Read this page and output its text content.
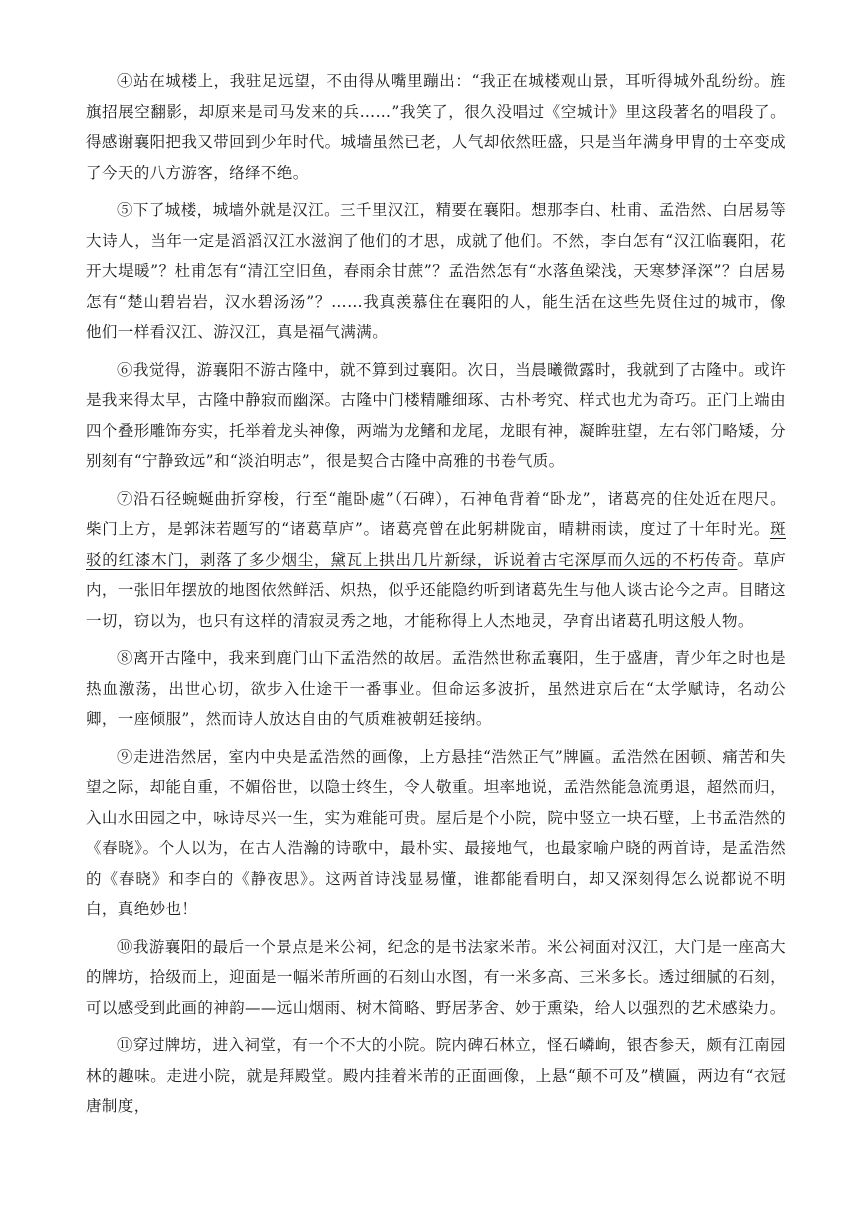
④站在城楼上，我驻足远望，不由得从嘴里蹦出：“我正在城楼观山景，耳听得城外乱纷纷。旌旗招展空翻影，却原来是司马发来的兵……”我笑了，很久没唱过《空城计》里这段著名的唱段了。得感谢襄阳把我又带回到少年时代。城墙虽然已老，人气却依然旺盛，只是当年满身甲胄的士卒变成了今天的八方游客，络绎不绝。

⑤下了城楼，城墙外就是汉江。三千里汉江，精要在襄阳。想那李白、杜甫、孟浩然、白居易等大诗人，当年一定是滔滔汉江水滋润了他们的才思，成就了他们。不然，李白怎有“汉江临襄阳，花开大堤暖”？杜甫怎有“清江空旧鱼，春雨余甘蔗”？孟浩然怎有“水落鱼梁浅，天寒梦泽深”？白居易怎有“楚山碧岩岩，汉水碧汤汤”？……我真羡慕住在襄阳的人，能生活在这些先贤住过的城市，像他们一样看汉江、游汉江，真是福气满满。

⑥我觉得，游襄阳不游古隆中，就不算到过襄阳。次日，当晨曦微露时，我就到了古隆中。或许是我来得太早，古隆中静寂而幽深。古隆中门楼精雕细琢、古朴考究、样式也尤为奇巧。正门上端由四个叠形雕饰夯实，托举着龙头神像，两端为龙鳍和龙尾，龙眼有神，凝眸驻望，左右邻门略矮，分别刻有“宁静致远”和“淡泊明志”，很是契合古隆中高雅的书卷气质。

⑦沿石径蜿蜒曲折穿梭，行至“龍卧處”（石碑），石神龟背着“卧龙”，诸葛亮的住处近在咫尺。柴门上方，是郭沫若题写的“诸葛草庐”。诸葛亮曾在此躬耕陇亩，晴耕雨读，度过了十年时光。斑驳的红漆木门，剥落了多少烟尘，黛瓦上拱出几片新绿，诉说着古宅深厚而久远的不朽传奇。草庐内，一张旧年摆放的地图依然鲜活、炽热，似乎还能隐约听到诸葛先生与他人谈古论今之声。目睹这一切，窃以为，也只有这样的清寂灵秀之地，才能称得上人杰地灵，孕育出诸葛孔明这般人物。

⑧离开古隆中，我来到鹿门山下孟浩然的故居。孟浩然世称孟襄阳，生于盛唐，青少年之时也是热血激荡，出世心切，欲步入仕途干一番事业。但命运多波折，虽然进京后在“太学赋诗，名动公卿，一座倾服”，然而诗人放达自由的气质难被朝廷接纳。

⑨走进浩然居，室内中央是孟浩然的画像，上方悬挂“浩然正气”牌匾。孟浩然在困顿、痛苦和失望之际，却能自重，不媚俗世，以隐士终生，令人敬重。坦率地说，孟浩然能急流勇退，超然而归，入山水田园之中，咏诗尽兴一生，实为难能可贵。屋后是个小院，院中竖立一块石壁，上书孟浩然的《春晓》。个人以为，在古人浩瀚的诗歌中，最朴实、最接地气，也最家喻户晓的两首诗，是孟浩然的《春晓》和李白的《静夜思》。这两首诗浅显易懂，谁都能看明白，却又深刻得怎么说都说不明白，真绝妙也！

⑩我游襄阳的最后一个景点是米公祠，纪念的是书法家米芾。米公祠面对汉江，大门是一座高大的牌坊，拾级而上，迎面是一幅米芾所画的石刻山水图，有一米多高、三米多长。透过细腻的石刻，可以感受到此画的神韵——远山烟雨、树木简略、野居茅舍、妙于熏染，给人以强烈的艺术感染力。

⑪穿过牌坊，进入祠堂，有一个不大的小院。院内碑石林立，怪石嶙峋，银杏参天，颇有江南园林的趣味。走进小院，就是拜殿堂。殿内挂着米芾的正面画像，上悬“颠不可及”横匾，两边有“衣冠唐制度，
